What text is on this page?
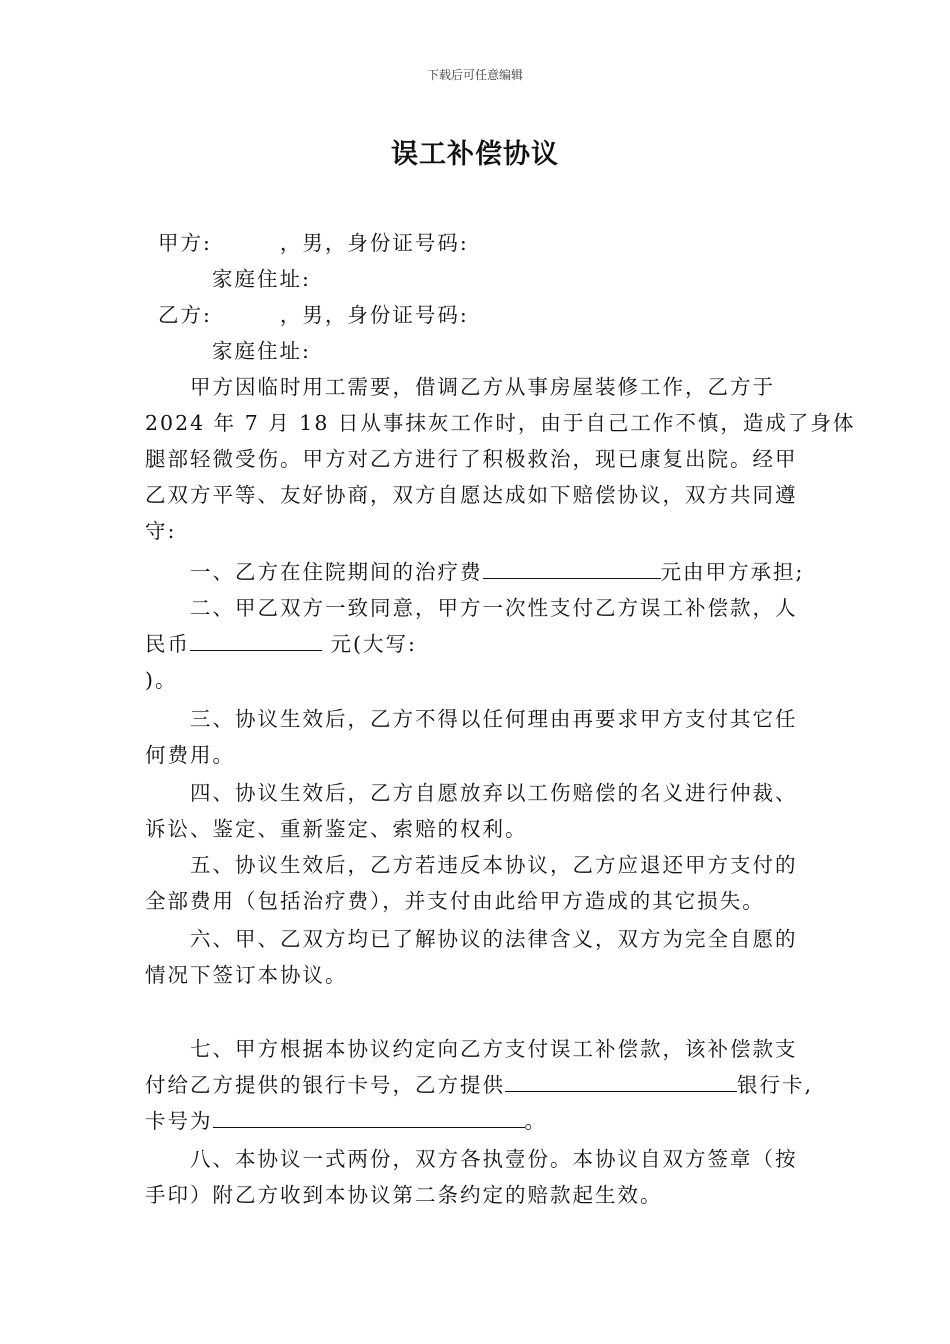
下载后可任意编辑
误工补偿协议
甲方:	，男，身份证号码:
家庭住址:
乙方:	，男，身份证号码:
家庭住址:
甲方因临时用工需要，借调乙方从事房屋装修工作，乙方于
2024 年 7 月 18 日从事抹灰工作时，由于自己工作不慎，造成了身体
腿部轻微受伤。甲方对乙方进行了积极救治，现已康复出院。经甲
乙双方平等、友好协商，双方自愿达成如下赔偿协议，双方共同遵
守:
一、乙方在住院期间的治疗费	元由甲方承担;
二、甲乙双方一致同意，甲方一次性支付乙方误工补偿款，人
民币	元(大写:
)。
三、协议生效后，乙方不得以任何理由再要求甲方支付其它任
何费用。
四、协议生效后，乙方自愿放弃以工伤赔偿的名义进行仲裁、
诉讼、鉴定、重新鉴定、索赔的权利。
五、协议生效后，乙方若违反本协议，乙方应退还甲方支付的
全部费用（包括治疗费），并支付由此给甲方造成的其它损失。
六、甲、乙双方均已了解协议的法律含义，双方为完全自愿的
情况下签订本协议。
七、甲方根据本协议约定向乙方支付误工补偿款，该补偿款支
付给乙方提供的银行卡号，乙方提供	银行卡,
卡号为	。
八、本协议一式两份，双方各执壹份。本协议自双方签章（按
手印）附乙方收到本协议第二条约定的赔款起生效。
